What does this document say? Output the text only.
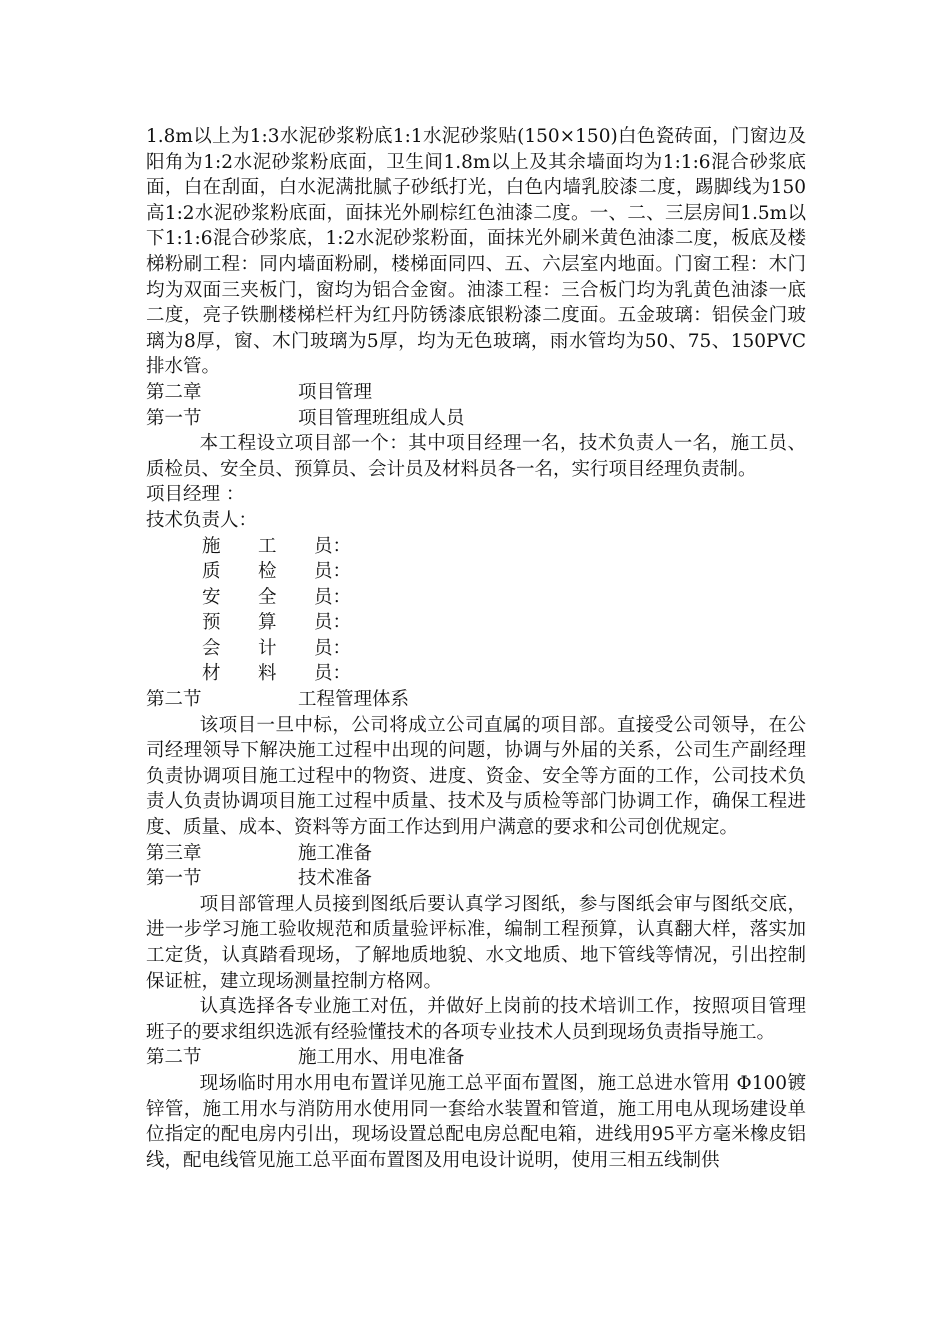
1.8m以上为1:3水泥砂浆粉底1:1水泥砂浆贴(150×150)白色瓷砖面，门窗边及阳角为1:2水泥砂浆粉底面，卫生间1.8m以上及其余墙面均为1:1:6混合砂浆底面，白在刮面，白水泥满批腻子砂纸打光，白色内墙乳胶漆二度，踢脚线为150高1:2水泥砂浆粉底面，面抹光外刷棕红色油漆二度。一、二、三层房间1.5m以下1:1:6混合砂浆底，1:2水泥砂浆粉面，面抹光外刷米黄色油漆二度，板底及楼梯粉刷工程：同内墙面粉刷，楼梯面同四、五、六层室内地面。门窗工程：木门均为双面三夹板门，窗均为铝合金窗。油漆工程：三合板门均为乳黄色油漆一底二度，亮子铁删楼梯栏杆为红丹防锈漆底银粉漆二度面。五金玻璃：铝侯金门玻璃为8厚，窗、木门玻璃为5厚，均为无色玻璃，雨水管均为50、75、150PVC排水管。

第二章	项目管理

第一节	项目管理班组成人员

本工程设立项目部一个：其中项目经理一名，技术负责人一名，施工员、质检员、安全员、预算员、会计员及材料员各一名，实行项目经理负责制。

项目经理 ：

技术负责人：

施 工 员：

质 检 员：

安 全 员：

预 算 员：

会 计 员：

材 料 员：

第二节	工程管理体系

该项目一旦中标，公司将成立公司直属的项目部。直接受公司领导，在公司经理领导下解决施工过程中出现的问题，协调与外届的关系，公司生产副经理负责协调项目施工过程中的物资、进度、资金、安全等方面的工作，公司技术负责人负责协调项目施工过程中质量、技术及与质检等部门协调工作，确保工程进度、质量、成本、资料等方面工作达到用户满意的要求和公司创优规定。

第三章	施工准备

第一节	技术准备

项目部管理人员接到图纸后要认真学习图纸，参与图纸会审与图纸交底，进一步学习施工验收规范和质量验评标准，编制工程预算，认真翻大样，落实加工定货，认真踏看现场，了解地质地貌、水文地质、地下管线等情况，引出控制保证桩，建立现场测量控制方格网。

认真选择各专业施工对伍，并做好上岗前的技术培训工作，按照项目管理班子的要求组织选派有经验懂技术的各项专业技术人员到现场负责指导施工。

第二节	施工用水、用电准备

现场临时用水用电布置详见施工总平面布置图，施工总进水管用 Φ100镀锌管，施工用水与消防用水使用同一套给水装置和管道，施工用电从现场建设单位指定的配电房内引出，现场设置总配电房总配电箱，进线用95平方毫米橡皮铝线，配电线管见施工总平面布置图及用电设计说明，使用三相五线制供
